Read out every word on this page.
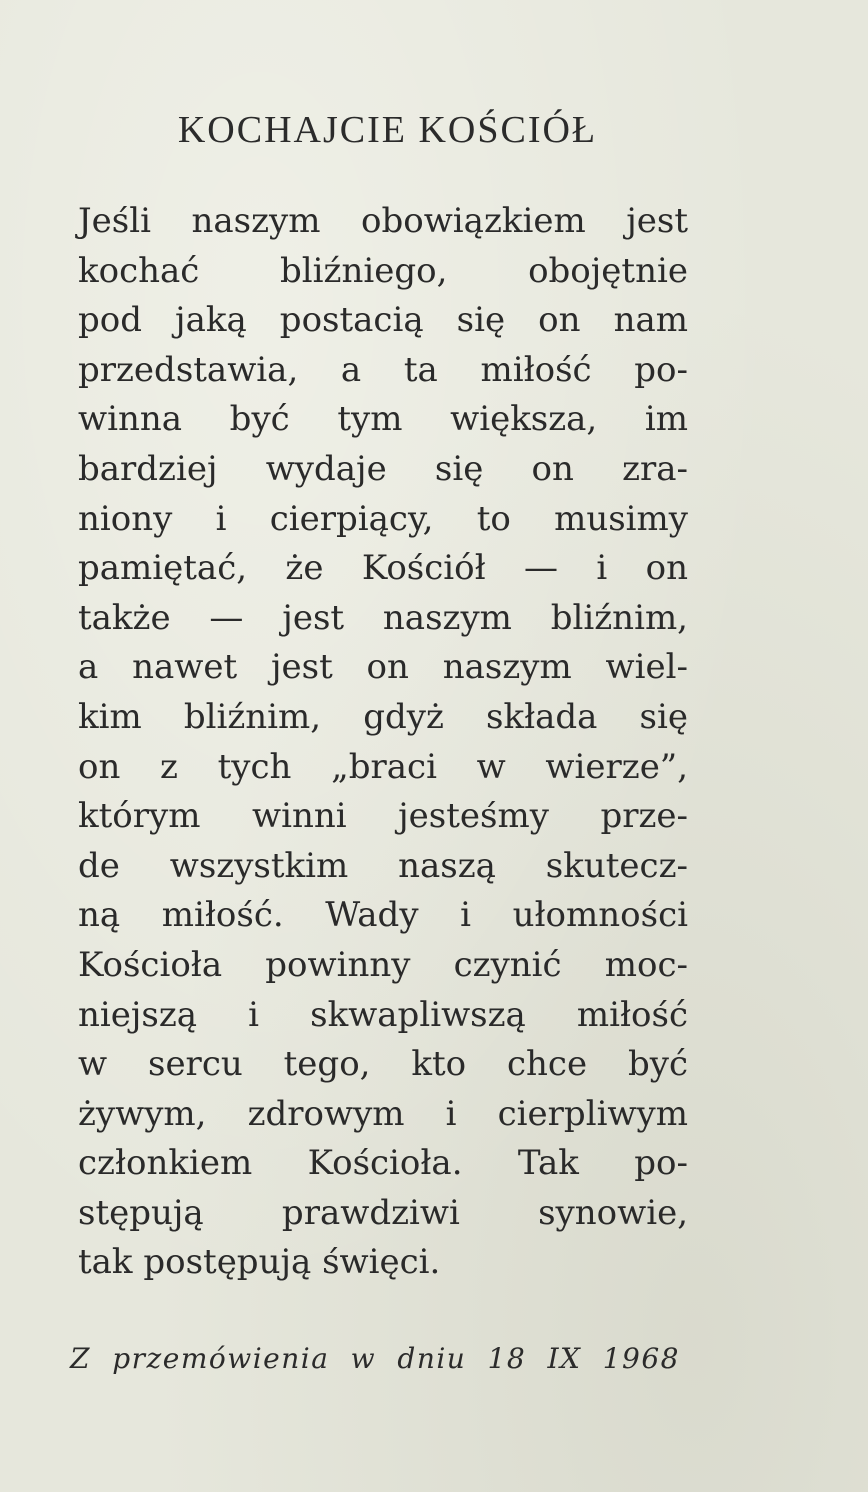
KOCHAJCIE KOŚCIÓŁ
Jeśli naszym obowiązkiem jest
kochać bliźniego, obojętnie
pod jaką postacią się on nam
przedstawia, a ta miłość po-
winna być tym większa, im
bardziej wydaje się on zra-
niony i cierpiący, to musimy
pamiętać, że Kościół — i on
także — jest naszym bliźnim,
a nawet jest on naszym wiel-
kim bliźnim, gdyż składa się
on z tych „braci w wierze”,
którym winni jesteśmy prze-
de wszystkim naszą skutecz-
ną miłość. Wady i ułomności
Kościoła powinny czynić moc-
niejszą i skwapliwszą miłość
w sercu tego, kto chce być
żywym, zdrowym i cierpliwym
członkiem Kościoła. Tak po-
stępują prawdziwi synowie,
tak postępują święci.
Z przemówienia w dniu 18 IX 1968
